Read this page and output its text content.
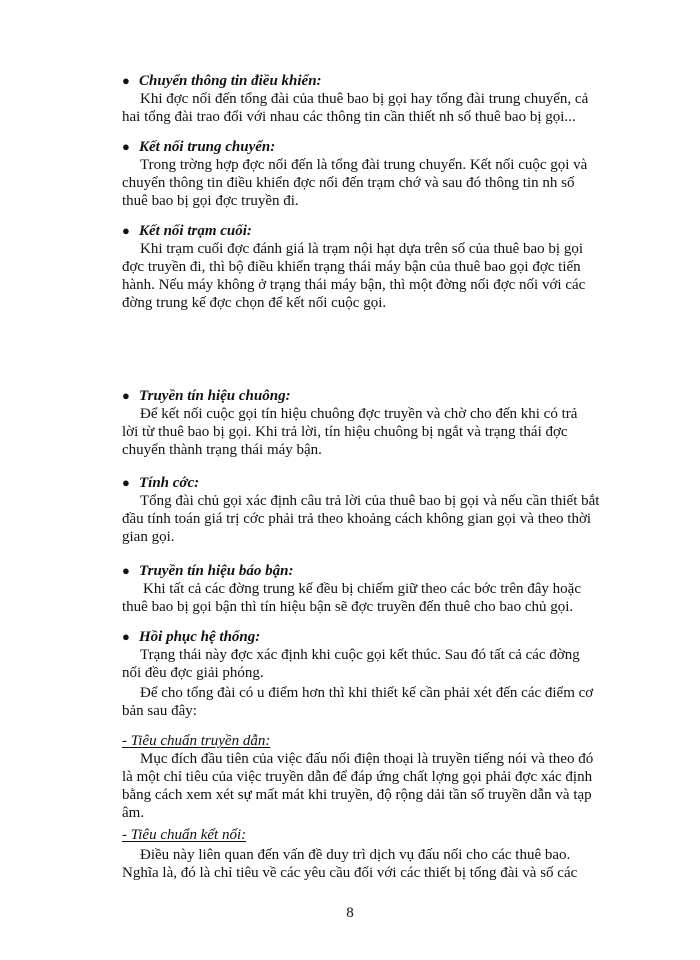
● Chuyển thông tin điều khiển:
Khi đợc nối đến tổng đài của thuê bao bị gọi hay tổng đài trung chuyển, cả
hai tổng đài trao đổi với nhau các thông tin cần thiết nh số thuê bao bị gọi...
● Kết nối trung chuyển:
Trong trờng hợp đợc nối đến là tổng đài trung chuyển. Kết nối cuộc gọi và
chuyển thông tin điều khiển đợc nối đến trạm chớ và sau đó thông tin nh số
thuê bao bị gọi đợc truyền đi.
● Kết nối trạm cuối:
Khi trạm cuối đợc đánh giá là trạm nội hạt dựa trên số của thuê bao bị gọi
đợc truyền đi, thì bộ điều khiển trạng thái máy bận của thuê bao gọi đợc tiến
hành. Nếu máy không ở trạng thái máy bận, thì một đờng nối đợc nối với các
đờng trung kế đợc chọn để kết nối cuộc gọi.
● Truyền tín hiệu chuông:
Để kết nối cuộc gọi tín hiệu chuông đợc truyền và chờ cho đến khi có trả
lời từ thuê bao bị gọi. Khi trả lời, tín hiệu chuông bị ngắt và trạng thái đợc
chuyển thành trạng thái máy bận.
● Tính cớc:
Tổng đài chủ gọi xác định câu trả lời của thuê bao bị gọi và nếu cần thiết bắt
đầu tính toán giá trị cớc phải trả theo khoảng cách không gian gọi và theo thời
gian gọi.
● Truyền tín hiệu báo bận:
Khi tất cả các đờng trung kế đều bị chiếm giữ theo các bớc trên đây hoặc
thuê bao bị gọi bận thì tín hiệu bận sẽ đợc truyền đến thuê cho bao chủ gọi.
● Hồi phục hệ thống:
Trạng thái này đợc xác định khi cuộc gọi kết thúc. Sau đó tất cả các đờng
nối đều đợc giải phóng.
Để cho tổng đài có u điểm hơn thì khi thiết kế cần phải xét đến các điểm cơ
bản sau đây:
- Tiêu chuẩn truyền dẫn:
Mục đích đầu tiên của việc đấu nối điện thoại là truyền tiếng nói và theo đó
là một chỉ tiêu của việc truyền dẫn để đáp ứng chất lợng gọi phải đợc xác định
bằng cách xem xét sự mất mát khi truyền, độ rộng dải tần số truyền dẫn và tạp
âm.
- Tiêu chuẩn kết nối:
Điều này liên quan đến vấn đề duy trì dịch vụ đấu nối cho các thuê bao.
Nghĩa là, đó là chỉ tiêu về các yêu cầu đối với các thiết bị tổng đài và số các
8
